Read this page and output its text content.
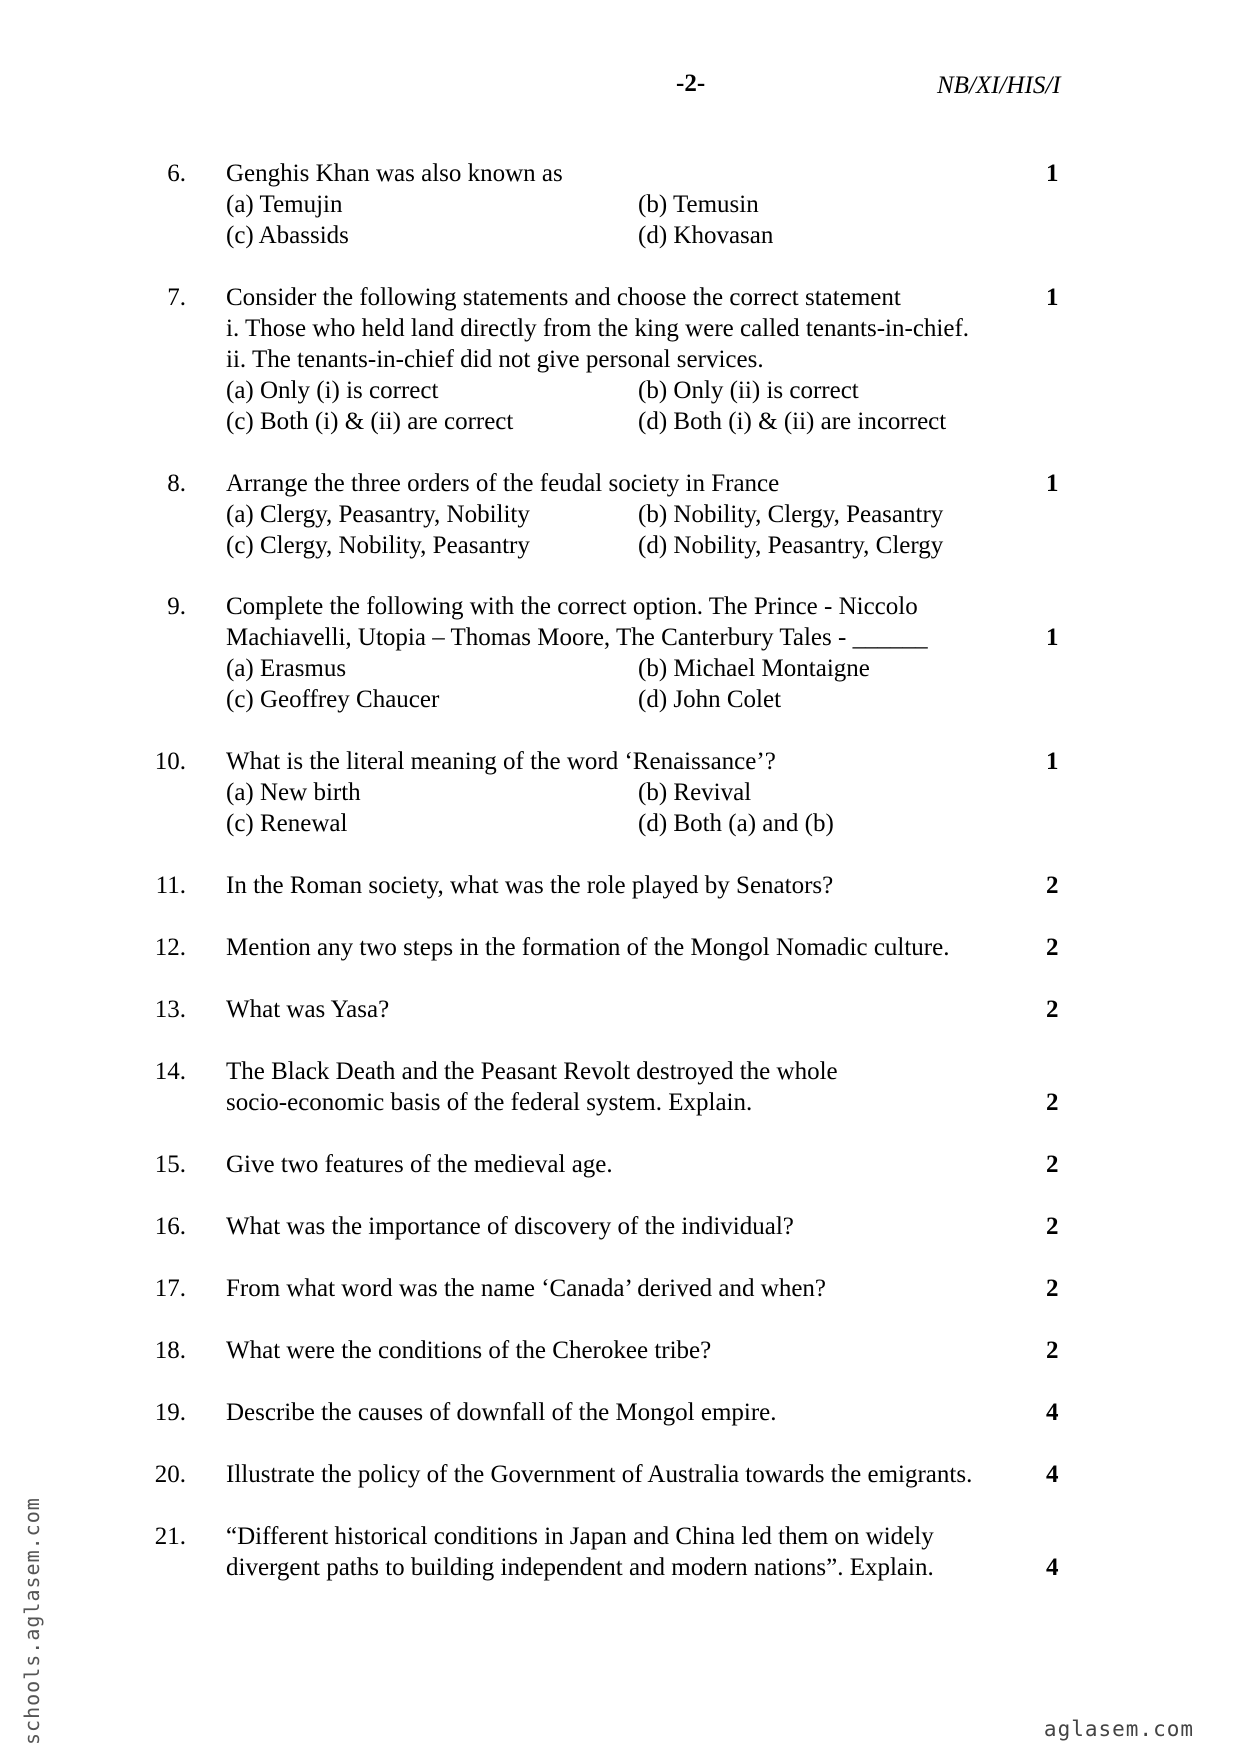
-2-	NB/XI/HIS/I
6. Genghis Khan was also known as	1
(a) Temujin	(b) Temusin
(c) Abassids	(d) Khovasan
7. Consider the following statements and choose the correct statement	1
i. Those who held land directly from the king were called tenants-in-chief.
ii. The tenants-in-chief did not give personal services.
(a) Only (i) is correct	(b) Only (ii) is correct
(c) Both (i) & (ii) are correct	(d) Both (i) & (ii) are incorrect
8. Arrange the three orders of the feudal society in France	1
(a) Clergy, Peasantry, Nobility	(b) Nobility, Clergy, Peasantry
(c) Clergy, Nobility, Peasantry	(d) Nobility, Peasantry, Clergy
9. Complete the following with the correct option. The Prince - Niccolo
Machiavelli, Utopia – Thomas Moore, The Canterbury Tales - ______	1
(a) Erasmus	(b) Michael Montaigne
(c) Geoffrey Chaucer	(d) John Colet
10. What is the literal meaning of the word ‘Renaissance’?	1
(a) New birth	(b) Revival
(c) Renewal	(d) Both (a) and (b)
11. In the Roman society, what was the role played by Senators?	2
12. Mention any two steps in the formation of the Mongol Nomadic culture.	2
13. What was Yasa?	2
14. The Black Death and the Peasant Revolt destroyed the whole
socio-economic basis of the federal system. Explain.	2
15. Give two features of the medieval age.	2
16. What was the importance of discovery of the individual?	2
17. From what word was the name ‘Canada’ derived and when?	2
18. What were the conditions of the Cherokee tribe?	2
19. Describe the causes of downfall of the Mongol empire.	4
20. Illustrate the policy of the Government of Australia towards the emigrants.	4
21. “Different historical conditions in Japan and China led them on widely
divergent paths to building independent and modern nations”. Explain.	4
schools.aglasem.com	aglasem.com
